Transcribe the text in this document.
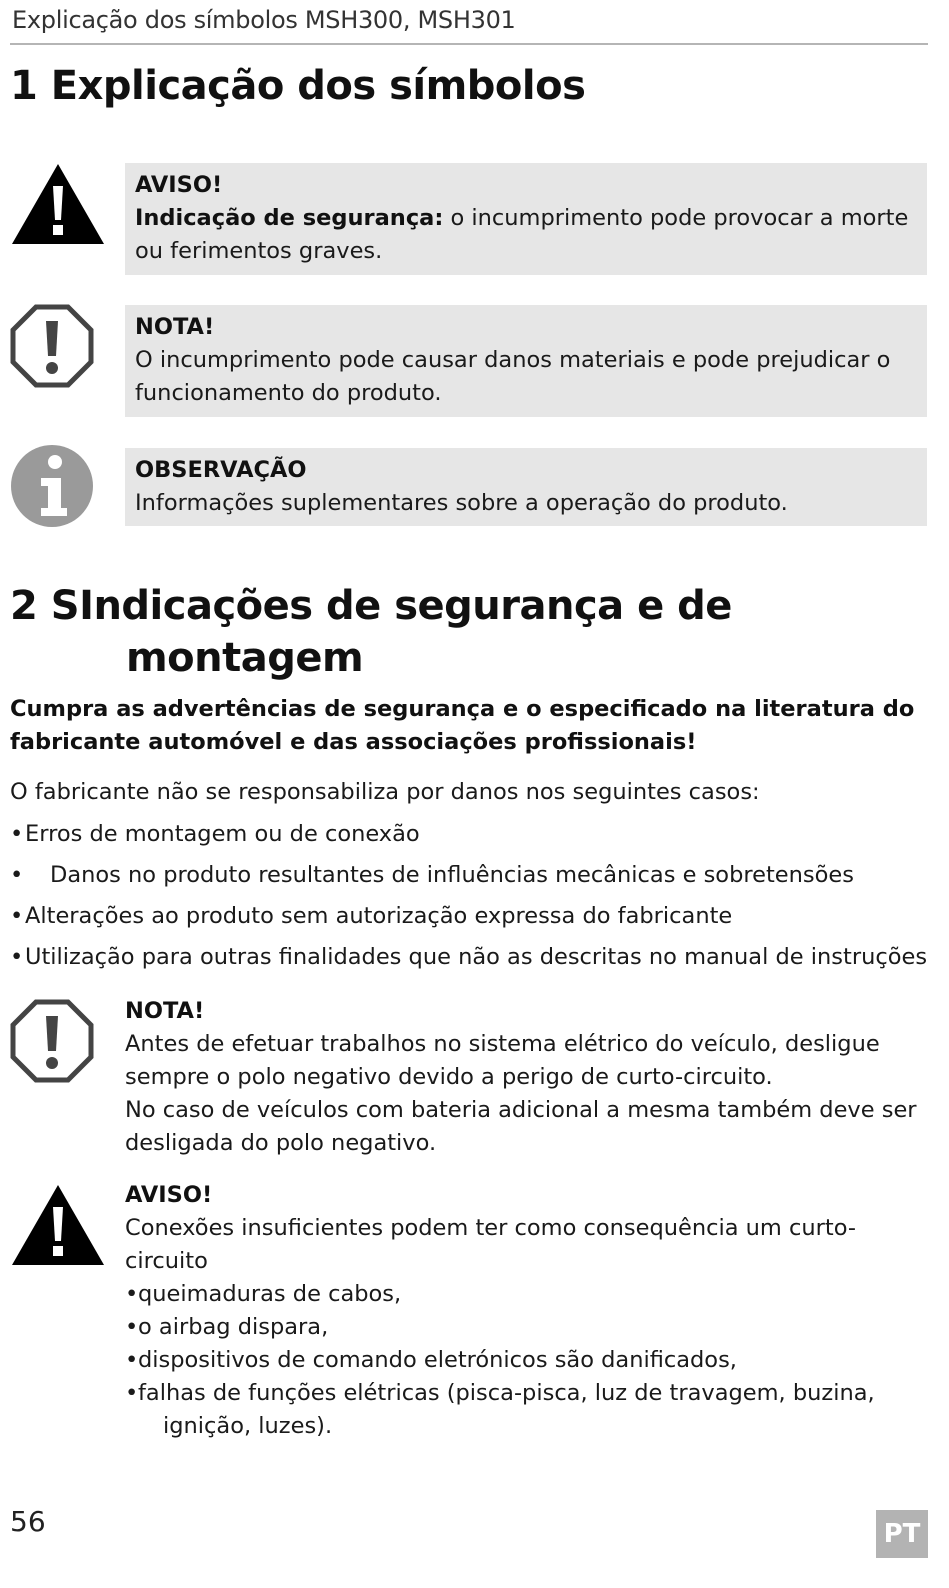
Explicação dos símbolos MSH300, MSH301
1 Explicação dos símbolos
AVISO!
Indicação de segurança: o incumprimento pode provocar a morte ou ferimentos graves.
NOTA!
O incumprimento pode causar danos materiais e pode prejudicar o funcionamento do produto.
OBSERVAÇÃO
Informações suplementares sobre a operação do produto.
2 SIndicações de segurança e de
montagem
Cumpra as advertências de segurança e o especificado na literatura do fabricante automóvel e das associações profissionais!
O fabricante não se responsabiliza por danos nos seguintes casos:
•Erros de montagem ou de conexão
• Danos no produto resultantes de influências mecânicas e sobretensões
•Alterações ao produto sem autorização expressa do fabricante
•Utilização para outras finalidades que não as descritas no manual de instruções
NOTA!
Antes de efetuar trabalhos no sistema elétrico do veículo, desligue
sempre o polo negativo devido a perigo de curto-circuito.
No caso de veículos com bateria adicional a mesma também deve ser
desligada do polo negativo.
AVISO!
Conexões insuficientes podem ter como consequência um curto-circuito
•queimaduras de cabos,
•o airbag dispara,
•dispositivos de comando eletrónicos são danificados,
•falhas de funções elétricas (pisca-pisca, luz de travagem, buzina,
ignição, luzes).
56	PT
